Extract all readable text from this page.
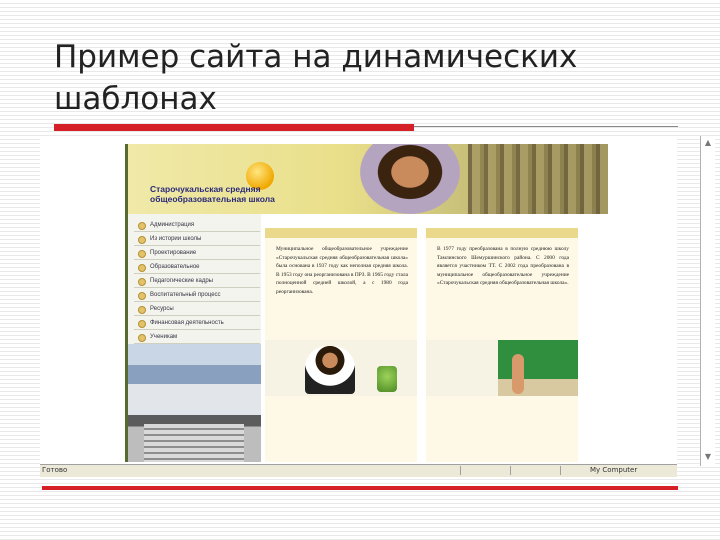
Пример сайта на динамических шаблонах
Старочукальская средняя общеобразовательная школа
Администрация
Из истории школы
Проектирование
Образовательное
Педагогические кадры
Воспитательный процесс
Ресурсы
Финансовая деятельность
Ученикам
Муниципальное общеобразовательное учреждение «Старочукальская средняя общеобразовательная школа» была основана в 1937 году как неполная средняя школа. В 1953 году она реорганизована в ПРЗ. В 1965 году стала полноценной средней школой, а с 1980 года реорганизована.
В 1977 году преобразована в полную среднюю школу Тамлинского Шемуршинского района. С 2000 года является участником ТТ. С 2002 года преобразована в муниципальное общеобразовательное учреждение «Старочукальская средняя общеобразовательная школа».
▲
▼
Готово	My Computer
